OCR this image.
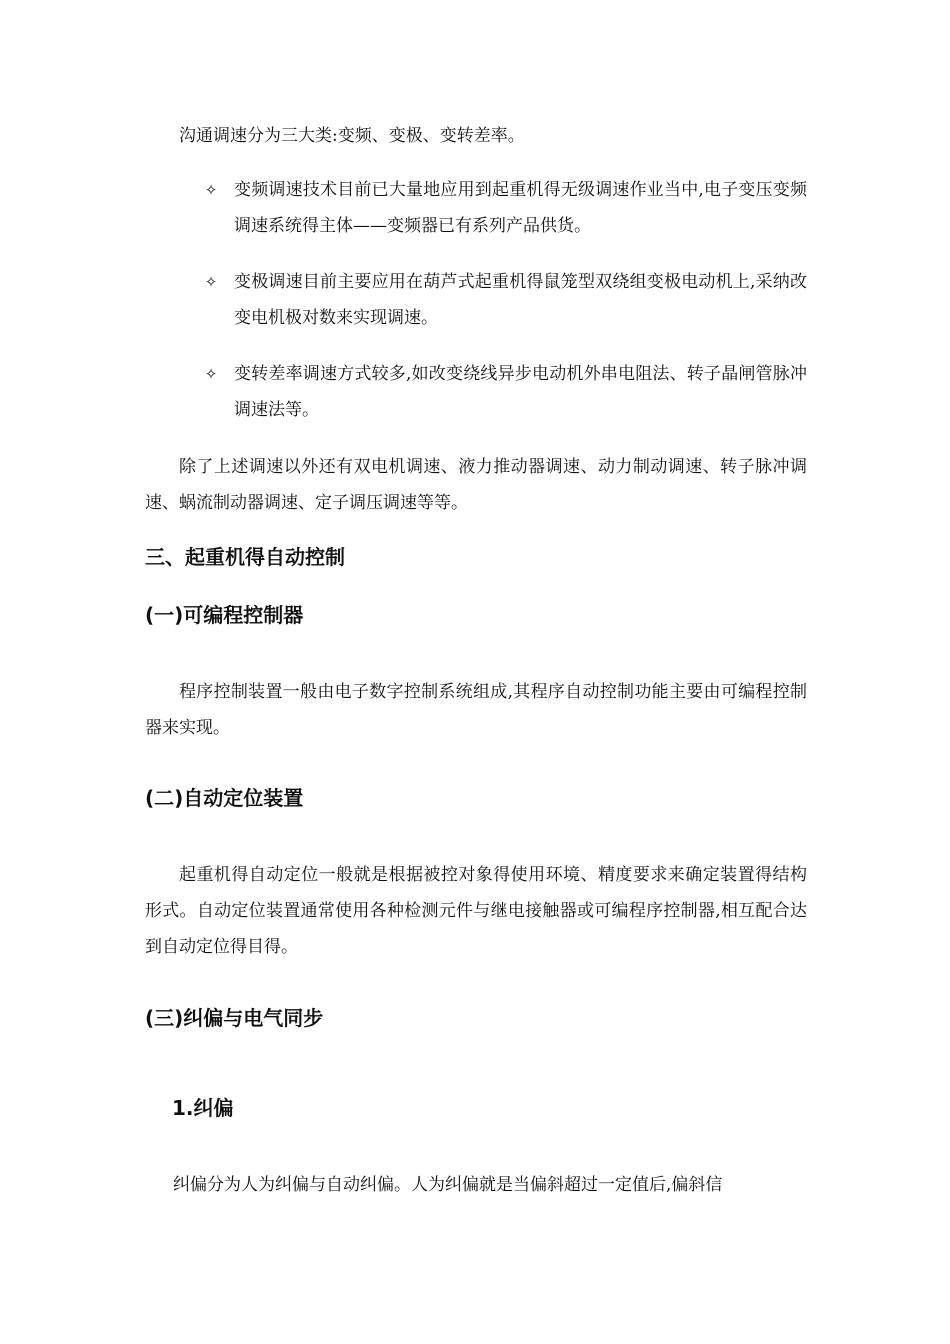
沟通调速分为三大类:变频、变极、变转差率。

✧ 变频调速技术目前已大量地应用到起重机得无级调速作业当中,电子变压变频调速系统得主体——变频器已有系列产品供货。
✧ 变极调速目前主要应用在葫芦式起重机得鼠笼型双绕组变极电动机上,采纳改变电机极对数来实现调速。
✧ 变转差率调速方式较多,如改变绕线异步电动机外串电阻法、转子晶闸管脉冲调速法等。

除了上述调速以外还有双电机调速、液力推动器调速、动力制动调速、转子脉冲调速、蜗流制动器调速、定子调压调速等等。

三、起重机得自动控制
(一)可编程控制器

程序控制装置一般由电子数字控制系统组成,其程序自动控制功能主要由可编程控制器来实现。

(二)自动定位装置

起重机得自动定位一般就是根据被控对象得使用环境、精度要求来确定装置得结构形式。自动定位装置通常使用各种检测元件与继电接触器或可编程序控制器,相互配合达到自动定位得目得。

(三)纠偏与电气同步
1.纠偏

纠偏分为人为纠偏与自动纠偏。人为纠偏就是当偏斜超过一定值后,偏斜信
